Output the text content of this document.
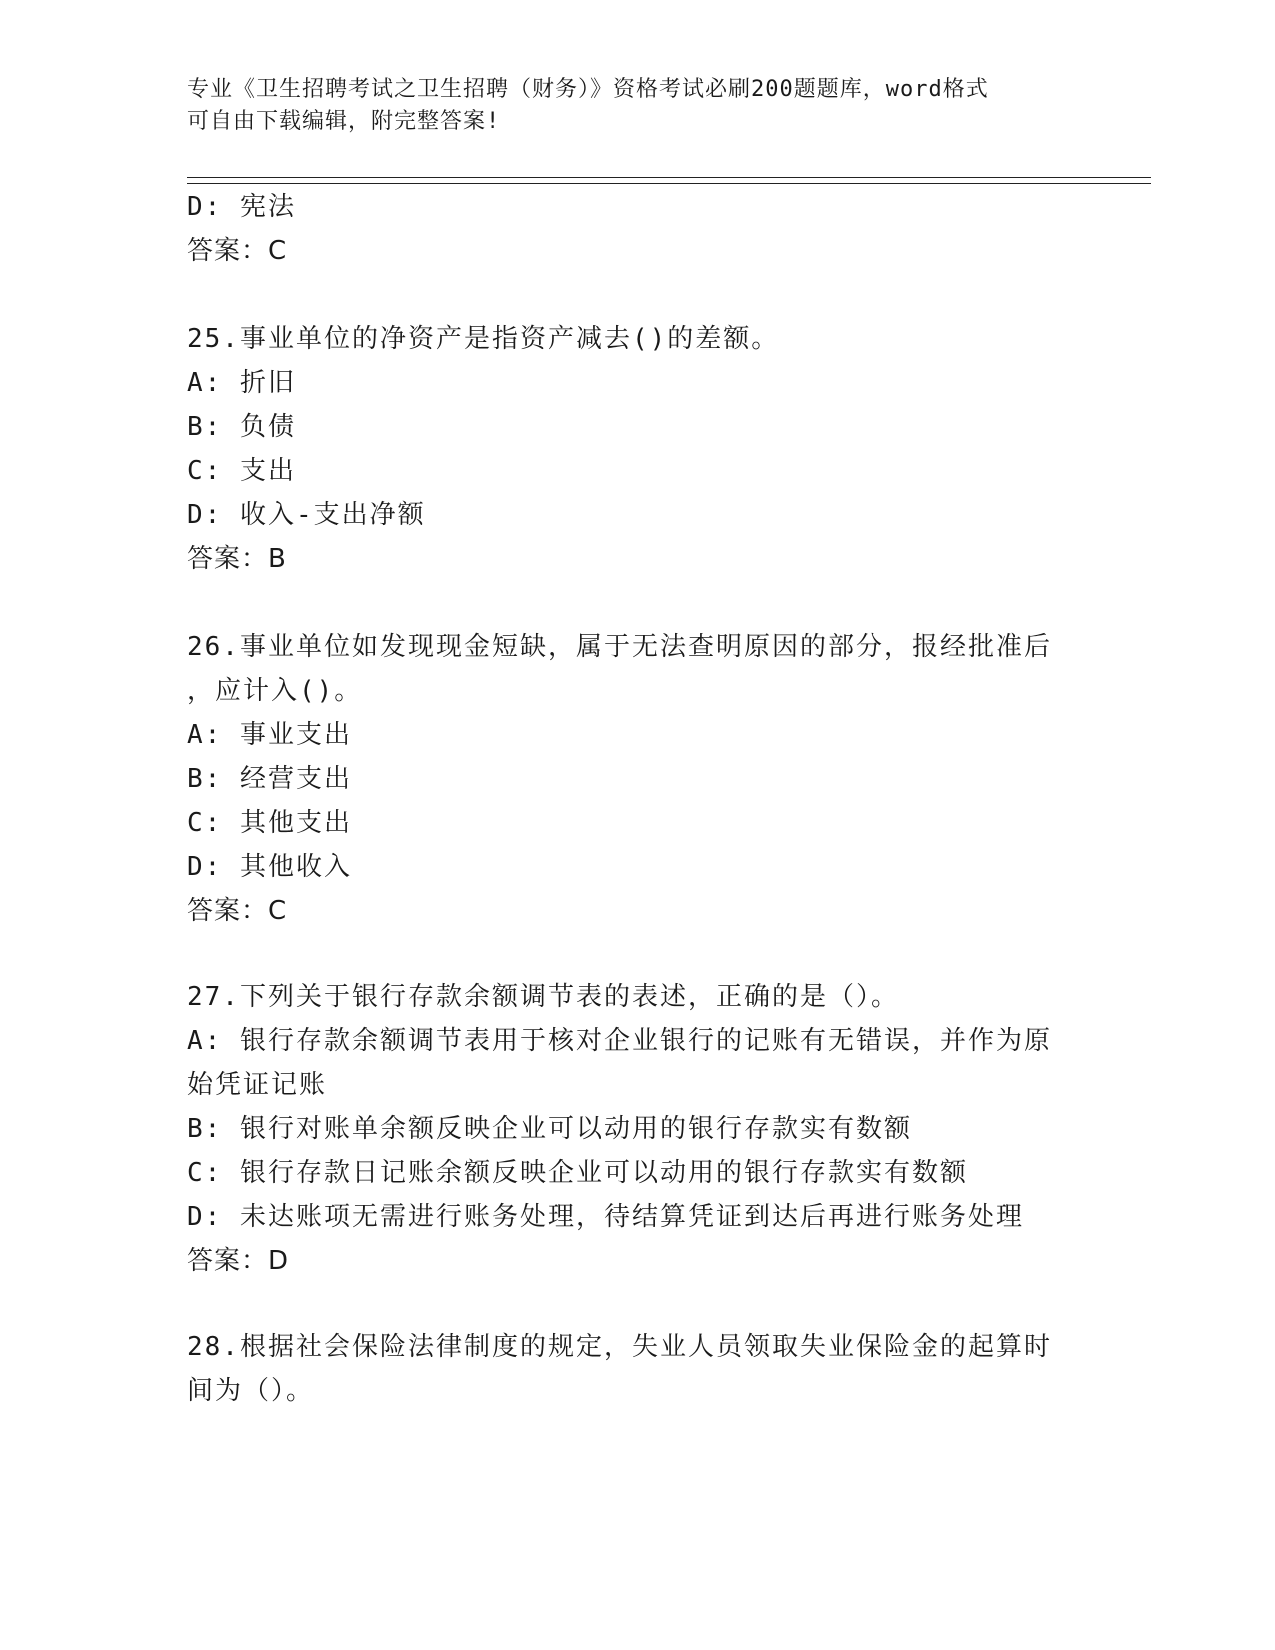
专业《卫生招聘考试之卫生招聘（财务）》资格考试必刷200题题库，word格式
可自由下载编辑，附完整答案!
D: 宪法
答案：C
25.事业单位的净资产是指资产减去()的差额。
A: 折旧
B: 负债
C: 支出
D: 收入-支出净额
答案：B
26.事业单位如发现现金短缺，属于无法查明原因的部分，报经批准后
，应计入()。
A: 事业支出
B: 经营支出
C: 其他支出
D: 其他收入
答案：C
27.下列关于银行存款余额调节表的表述，正确的是（）。
A: 银行存款余额调节表用于核对企业银行的记账有无错误，并作为原
始凭证记账
B: 银行对账单余额反映企业可以动用的银行存款实有数额
C: 银行存款日记账余额反映企业可以动用的银行存款实有数额
D: 未达账项无需进行账务处理，待结算凭证到达后再进行账务处理
答案：D
28.根据社会保险法律制度的规定，失业人员领取失业保险金的起算时
间为（）。
